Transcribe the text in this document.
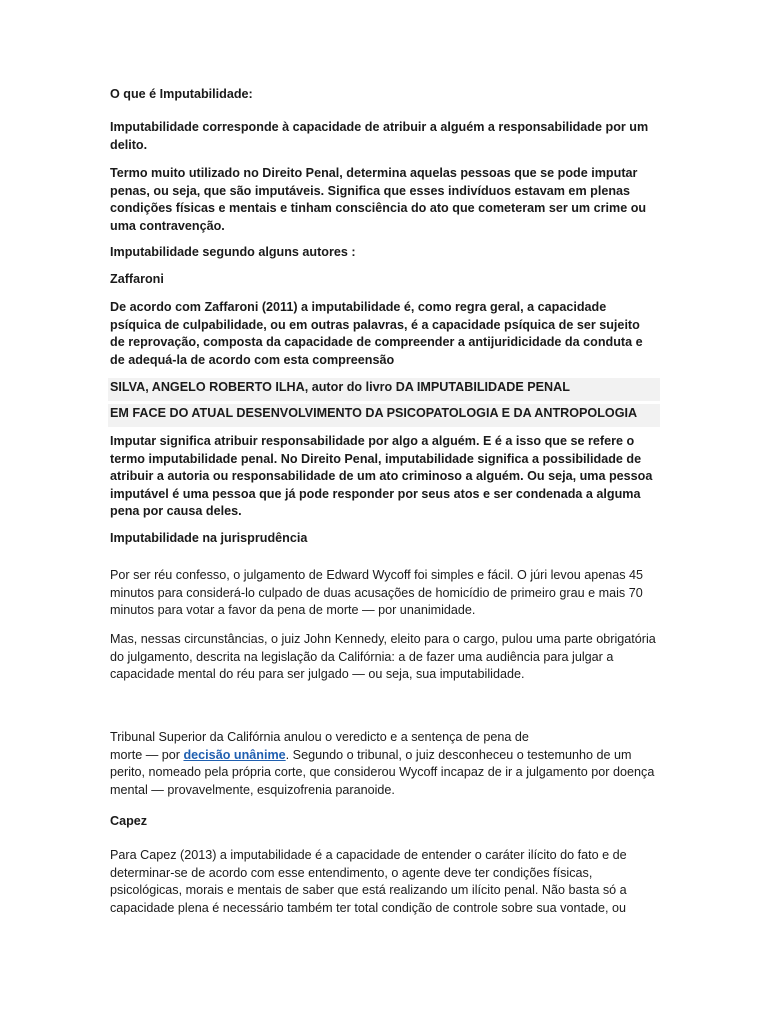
O que é Imputabilidade:

Imputabilidade corresponde à capacidade de atribuir a alguém a responsabilidade por um delito.

Termo muito utilizado no Direito Penal, determina aquelas pessoas que se pode imputar penas, ou seja, que são imputáveis. Significa que esses indivíduos estavam em plenas condições físicas e mentais e tinham consciência do ato que cometeram ser um crime ou uma contravenção.

Imputabilidade segundo alguns autores :

Zaffaroni

De acordo com Zaffaroni (2011) a imputabilidade é, como regra geral, a capacidade psíquica de culpabilidade, ou em outras palavras, é a capacidade psíquica de ser sujeito de reprovação, composta da capacidade de compreender a antijuridicidade da conduta e de adequá-la de acordo com esta compreensão

SILVA, ANGELO ROBERTO ILHA, autor do livro DA IMPUTABILIDADE PENAL

EM FACE DO ATUAL DESENVOLVIMENTO DA PSICOPATOLOGIA E DA ANTROPOLOGIA

Imputar significa atribuir responsabilidade por algo a alguém. E é a isso que se refere o termo imputabilidade penal. No Direito Penal, imputabilidade significa a possibilidade de atribuir a autoria ou responsabilidade de um ato criminoso a alguém. Ou seja, uma pessoa imputável é uma pessoa que já pode responder por seus atos e ser condenada a alguma pena por causa deles.

Imputabilidade na jurisprudência

Por ser réu confesso, o julgamento de Edward Wycoff foi simples e fácil. O júri levou apenas 45 minutos para considerá-lo culpado de duas acusações de homicídio de primeiro grau e mais 70 minutos para votar a favor da pena de morte — por unanimidade.

Mas, nessas circunstâncias, o juiz John Kennedy, eleito para o cargo, pulou uma parte obrigatória do julgamento, descrita na legislação da Califórnia: a de fazer uma audiência para julgar a capacidade mental do réu para ser julgado — ou seja, sua imputabilidade.

Tribunal Superior da Califórnia anulou o veredicto e a sentença de pena de
morte — por decisão unânime. Segundo o tribunal, o juiz desconheceu o testemunho de um perito, nomeado pela própria corte, que considerou Wycoff incapaz de ir a julgamento por doença mental — provavelmente, esquizofrenia paranoide.

Capez

Para Capez (2013) a imputabilidade é a capacidade de entender o caráter ilícito do fato e de determinar-se de acordo com esse entendimento, o agente deve ter condições físicas, psicológicas, morais e mentais de saber que está realizando um ilícito penal. Não basta só a capacidade plena é necessário também ter total condição de controle sobre sua vontade, ou
